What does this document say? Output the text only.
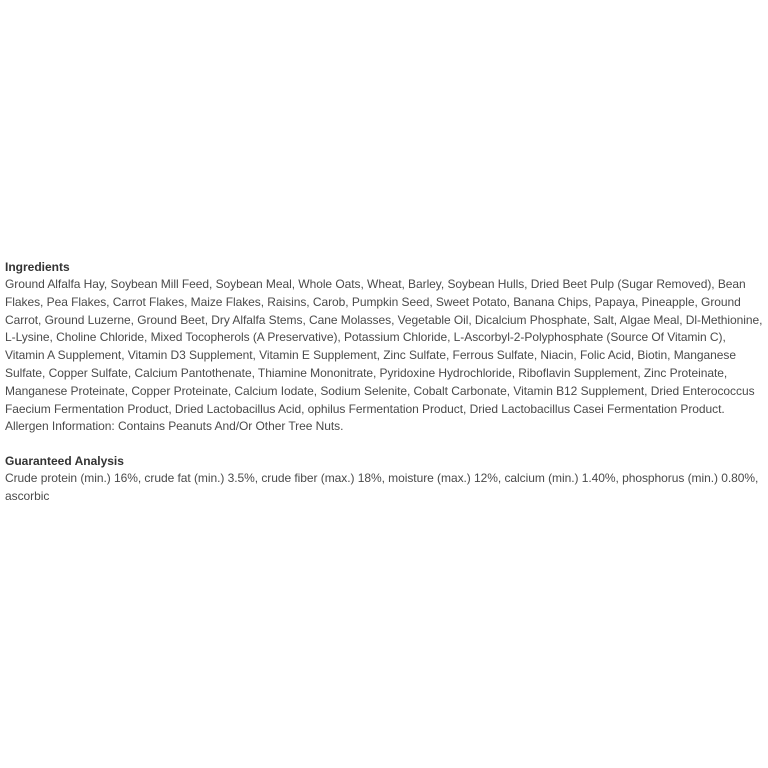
Ingredients

Ground Alfalfa Hay, Soybean Mill Feed, Soybean Meal, Whole Oats, Wheat, Barley, Soybean Hulls, Dried Beet Pulp (Sugar Removed), Bean Flakes, Pea Flakes, Carrot Flakes, Maize Flakes, Raisins, Carob, Pumpkin Seed, Sweet Potato, Banana Chips, Papaya, Pineapple, Ground Carrot, Ground Luzerne, Ground Beet, Dry Alfalfa Stems, Cane Molasses, Vegetable Oil, Dicalcium Phosphate, Salt, Algae Meal, Dl-Methionine, L-Lysine, Choline Chloride, Mixed Tocopherols (A Preservative), Potassium Chloride, L-Ascorbyl-2-Polyphosphate (Source Of Vitamin C), Vitamin A Supplement, Vitamin D3 Supplement, Vitamin E Supplement, Zinc Sulfate, Ferrous Sulfate, Niacin, Folic Acid, Biotin, Manganese Sulfate, Copper Sulfate, Calcium Pantothenate, Thiamine Mononitrate, Pyridoxine Hydrochloride, Riboflavin Supplement, Zinc Proteinate, Manganese Proteinate, Copper Proteinate, Calcium Iodate, Sodium Selenite, Cobalt Carbonate, Vitamin B12 Supplement, Dried Enterococcus Faecium Fermentation Product, Dried Lactobacillus Acid, ophilus Fermentation Product, Dried Lactobacillus Casei Fermentation Product. Allergen Information: Contains Peanuts And/Or Other Tree Nuts.

Guaranteed Analysis

Crude protein (min.) 16%, crude fat (min.) 3.5%, crude fiber (max.) 18%, moisture (max.) 12%, calcium (min.) 1.40%, phosphorus (min.) 0.80%, ascorbic
